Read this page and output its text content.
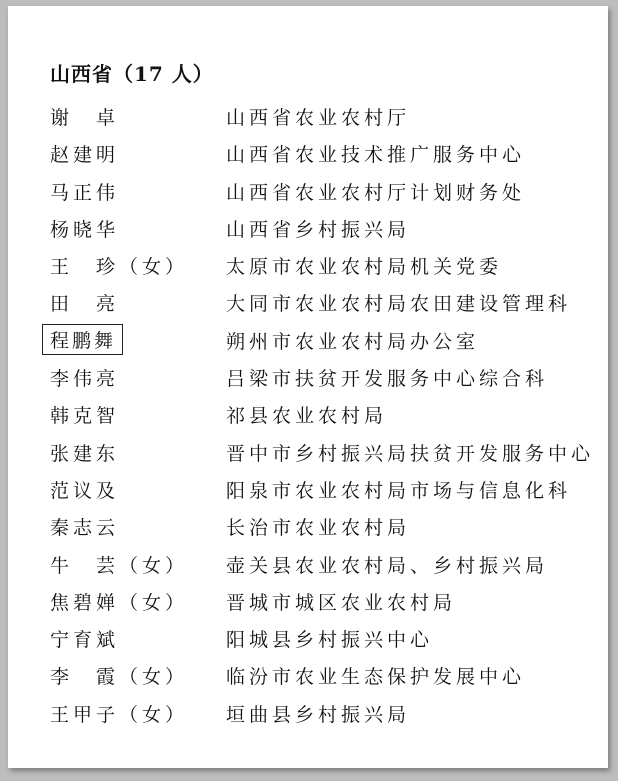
山西省（17 人）
谢　卓	山西省农业农村厅
赵建明	山西省农业技术推广服务中心
马正伟	山西省农业农村厅计划财务处
杨晓华	山西省乡村振兴局
王　珍（女） 太原市农业农村局机关党委
田　亮	大同市农业农村局农田建设管理科
程鹏舞	朔州市农业农村局办公室
李伟亮	吕梁市扶贫开发服务中心综合科
韩克智	祁县农业农村局
张建东	晋中市乡村振兴局扶贫开发服务中心
范议及	阳泉市农业农村局市场与信息化科
秦志云	长治市农业农村局
牛　芸（女） 壶关县农业农村局、乡村振兴局
焦碧婵（女） 晋城市城区农业农村局
宁育斌	阳城县乡村振兴中心
李　霞（女） 临汾市农业生态保护发展中心
王甲子（女） 垣曲县乡村振兴局
